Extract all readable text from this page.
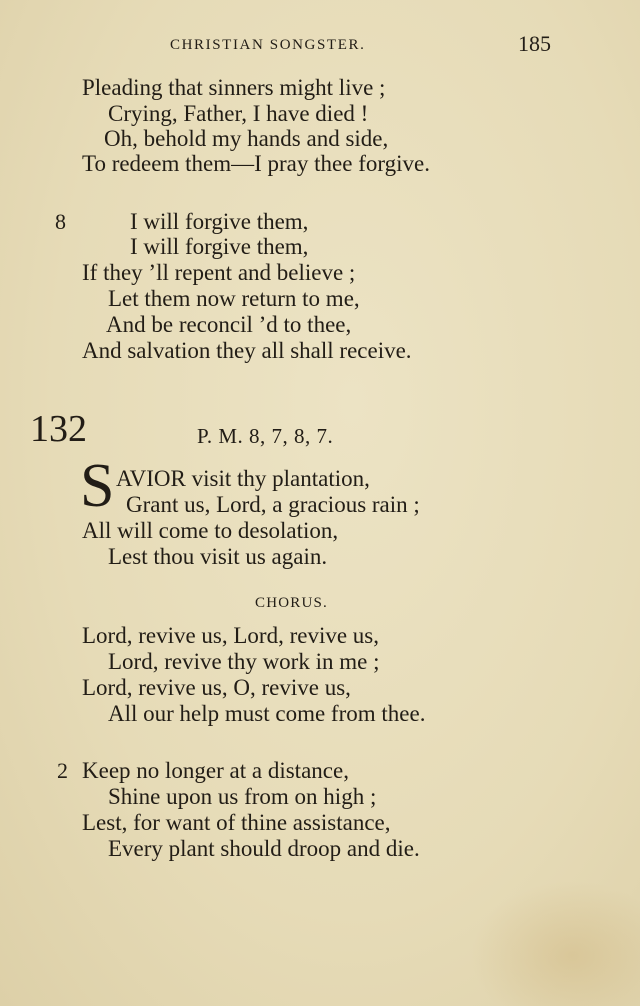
CHRISTIAN SONGSTER.	185
Pleading that sinners might live ;
Crying, Father, I have died !
Oh, behold my hands and side,
To redeem them—I pray thee forgive.
8	I will forgive them,
I will forgive them,
If they ’ll repent and believe ;
Let them now return to me,
And be reconcil ’d to thee,
And salvation they all shall receive.
132	P. M. 8, 7, 8, 7.
S AVIOR visit thy plantation,
Grant us, Lord, a gracious rain ;
All will come to desolation,
Lest thou visit us again.
CHORUS.
Lord, revive us, Lord, revive us,
Lord, revive thy work in me ;
Lord, revive us, O, revive us,
All our help must come from thee.
2 Keep no longer at a distance,
Shine upon us from on high ;
Lest, for want of thine assistance,
Every plant should droop and die.
